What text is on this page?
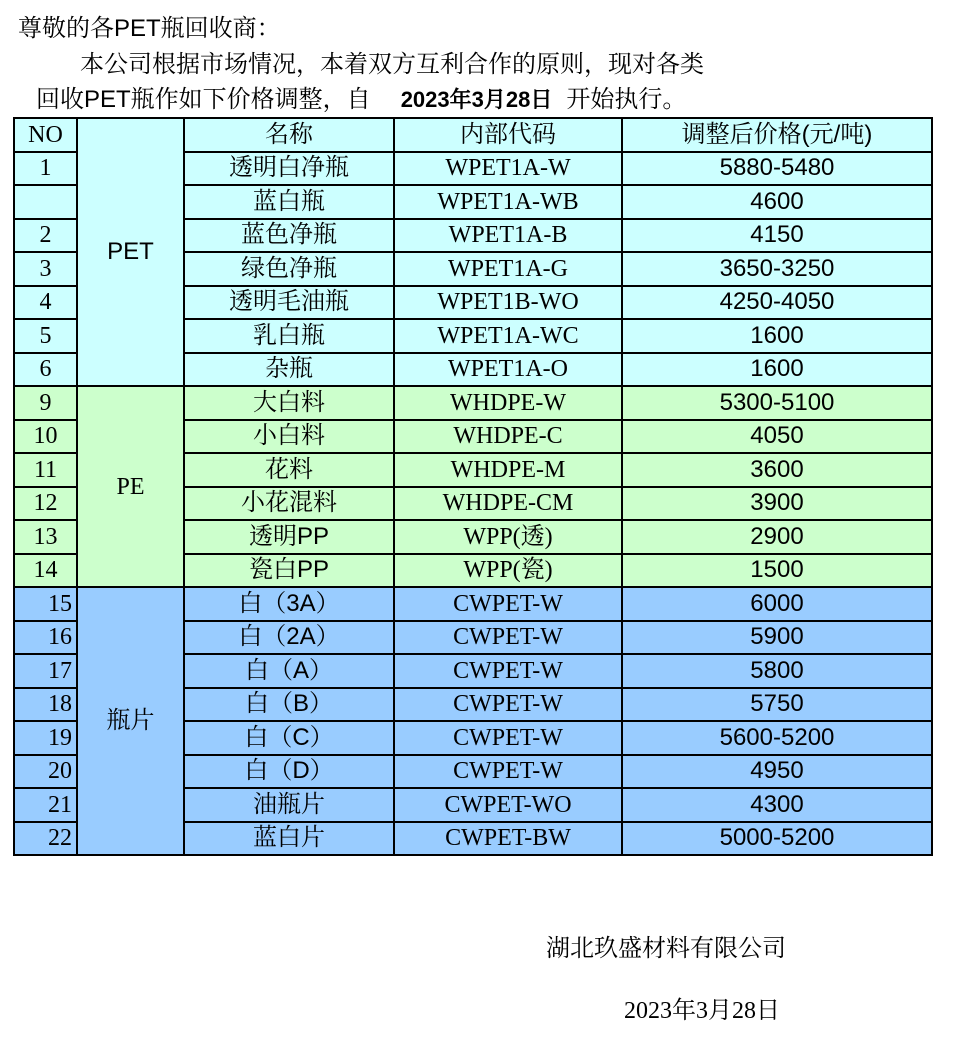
尊敬的各PET瓶回收商：
本公司根据市场情况，本着双方互利合作的原则，现对各类
回收PET瓶作如下价格调整，自 2023年3月28日 开始执行。
NO	PET	名称	内部代码	调整后价格(元/吨)
1		透明白净瓶	WPET1A-W	5880-5480
		蓝白瓶	WPET1A-WB	4600
2		蓝色净瓶	WPET1A-B	4150
3		绿色净瓶	WPET1A-G	3650-3250
4		透明毛油瓶	WPET1B-WO	4250-4050
5		乳白瓶	WPET1A-WC	1600
6		杂瓶	WPET1A-O	1600
9	PE	大白料	WHDPE-W	5300-5100
10		小白料	WHDPE-C	4050
11		花料	WHDPE-M	3600
12		小花混料	WHDPE-CM	3900
13		透明PP	WPP(透)	2900
14		瓷白PP	WPP(瓷)	1500
15	瓶片	白（3A）	CWPET-W	6000
16		白（2A）	CWPET-W	5900
17		白（A）	CWPET-W	5800
18		白（B）	CWPET-W	5750
19		白（C）	CWPET-W	5600-5200
20		白（D）	CWPET-W	4950
21		油瓶片	CWPET-WO	4300
22		蓝白片	CWPET-BW	5000-5200
湖北玖盛材料有限公司
2023年3月28日
